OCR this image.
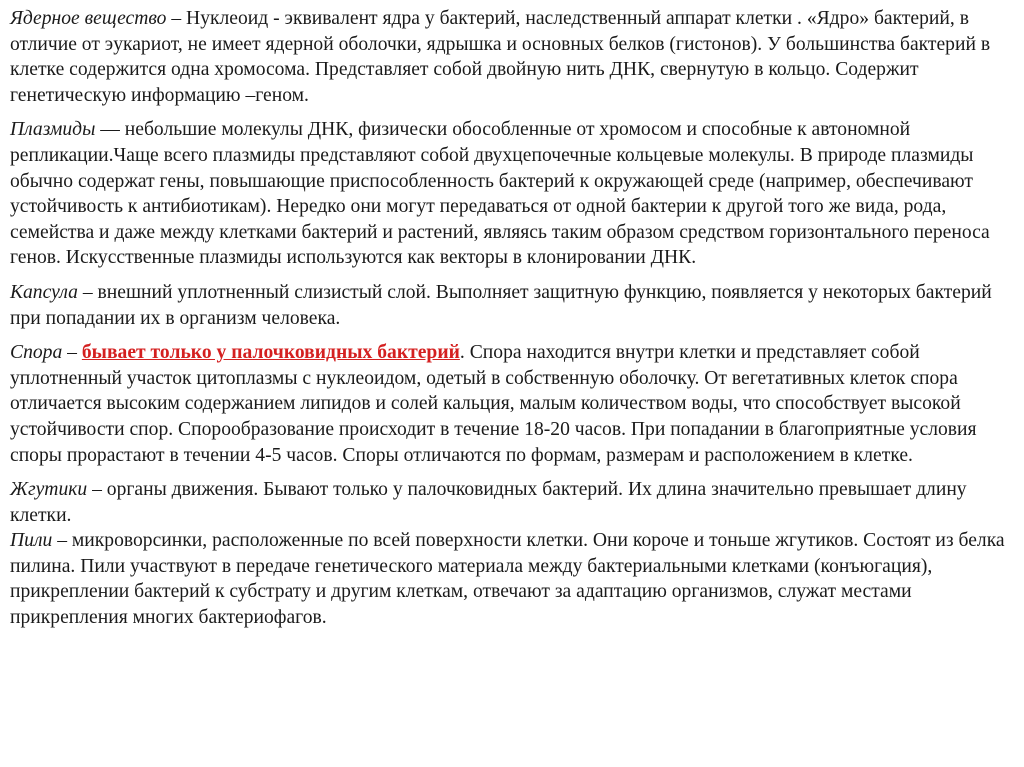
Ядерное вещество – Нуклеоид - эквивалент ядра у бактерий, наследственный аппарат клетки . «Ядро» бактерий, в отличие от эукариот, не имеет ядерной оболочки, ядрышка и основных белков (гистонов). У большинства бактерий в клетке содержится одна хромосома. Представляет собой двойную нить ДНК, свернутую в кольцо. Содержит генетическую информацию –геном.

Плазмиды — небольшие молекулы ДНК, физически обособленные от хромосом и способные к автономной репликации.Чаще всего плазмиды представляют собой двухцепочечные кольцевые молекулы. В природе плазмиды обычно содержат гены, повышающие приспособленность бактерий к окружающей среде (например, обеспечивают устойчивость к антибиотикам). Нередко они могут передаваться от одной бактерии к другой того же вида, рода, семейства и даже между клетками бактерий и растений, являясь таким образом средством горизонтального переноса генов. Искусственные плазмиды используются как векторы в клонировании ДНК.

Капсула – внешний уплотненный слизистый слой. Выполняет защитную функцию, появляется у некоторых бактерий при попадании их в организм человека.

Спора – бывает только у палочковидных бактерий. Спора находится внутри клетки и представляет собой уплотненный участок цитоплазмы с нуклеоидом, одетый в собственную оболочку. От вегетативных клеток спора отличается высоким содержанием липидов и солей кальция, малым количеством воды, что способствует высокой устойчивости спор. Спорообразование происходит в течение 18-20 часов. При попадании в благоприятные условия споры прорастают в течении 4-5 часов. Споры отличаются по формам, размерам и расположением в клетке.

Жгутики – органы движения. Бывают только у палочковидных бактерий. Их длина значительно превышает длину клетки.

Пили – микроворсинки, расположенные по всей поверхности клетки. Они короче и тоньше жгутиков. Состоят из белка пилина. Пили участвуют в передаче генетического материала между бактериальными клетками (конъюгация), прикреплении бактерий к субстрату и другим клеткам, отвечают за адаптацию организмов, служат местами прикрепления многих бактериофагов.
